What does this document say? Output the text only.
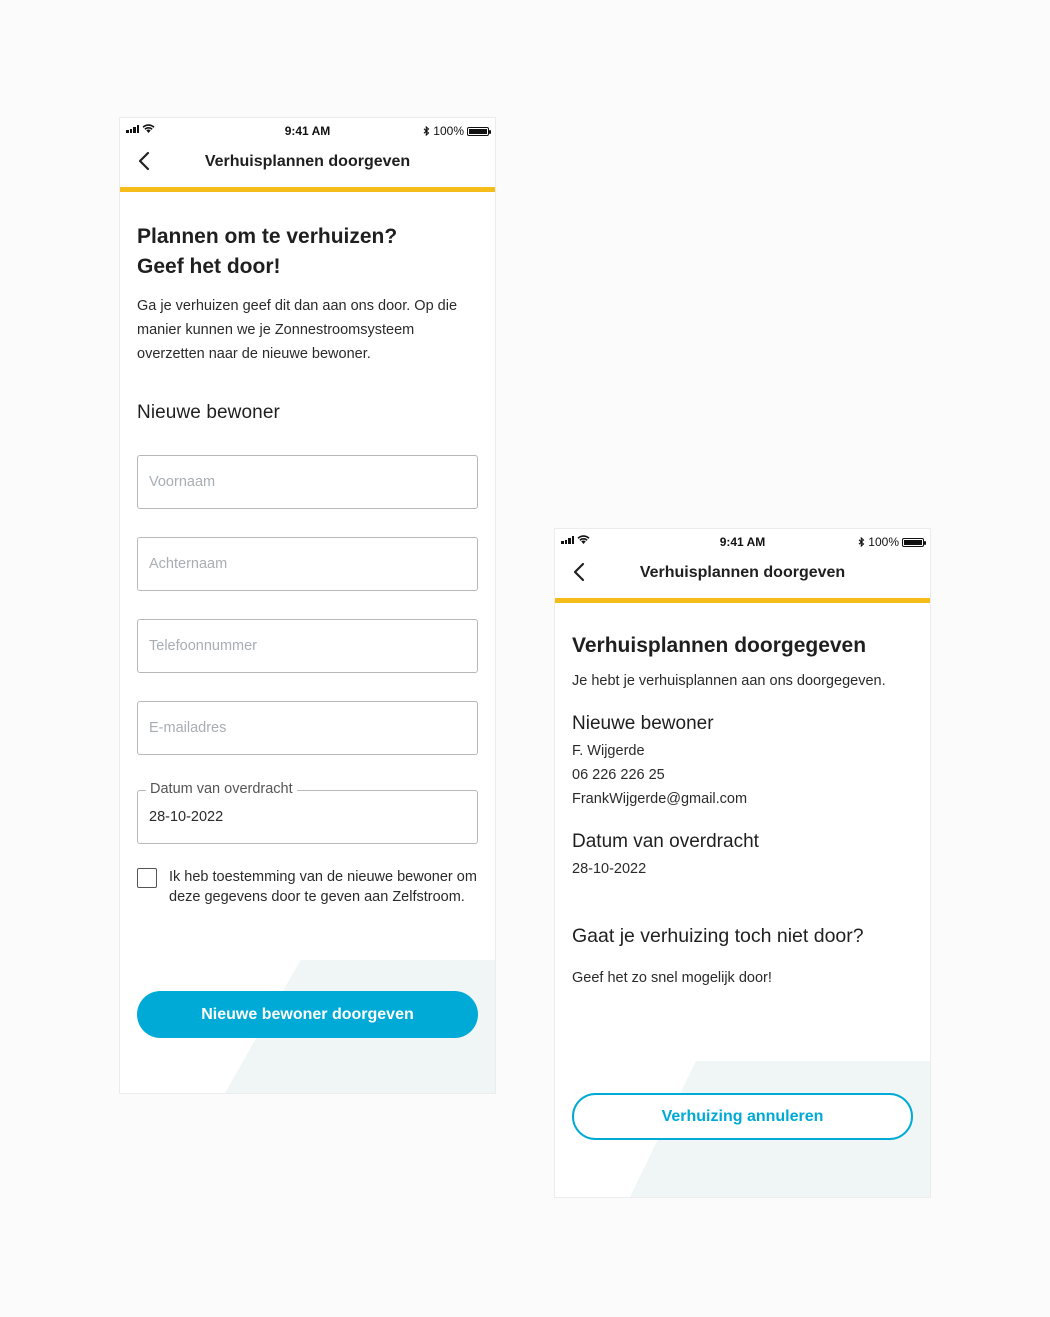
9:41 AM	100%
Verhuisplannen doorgeven
Plannen om te verhuizen?
Geef het door!

Ga je verhuizen geef dit dan aan ons door. Op die manier kunnen we je Zonnestroomsysteem overzetten naar de nieuwe bewoner.

Nieuwe bewoner
Voornaam
Achternaam
Telefoonnummer
E-mailadres
Datum van overdracht
28-10-2022
Ik heb toestemming van de nieuwe bewoner om deze gegevens door te geven aan Zelfstroom.
Nieuwe bewoner doorgeven
9:41 AM	100%
Verhuisplannen doorgeven
Verhuisplannen doorgegeven

Je hebt je verhuisplannen aan ons doorgegeven.

Nieuwe bewoner
F. Wijgerde
06 226 226 25
FrankWijgerde@gmail.com
Datum van overdracht
28-10-2022
Gaat je verhuizing toch niet door?
Geef het zo snel mogelijk door!
Verhuizing annuleren
